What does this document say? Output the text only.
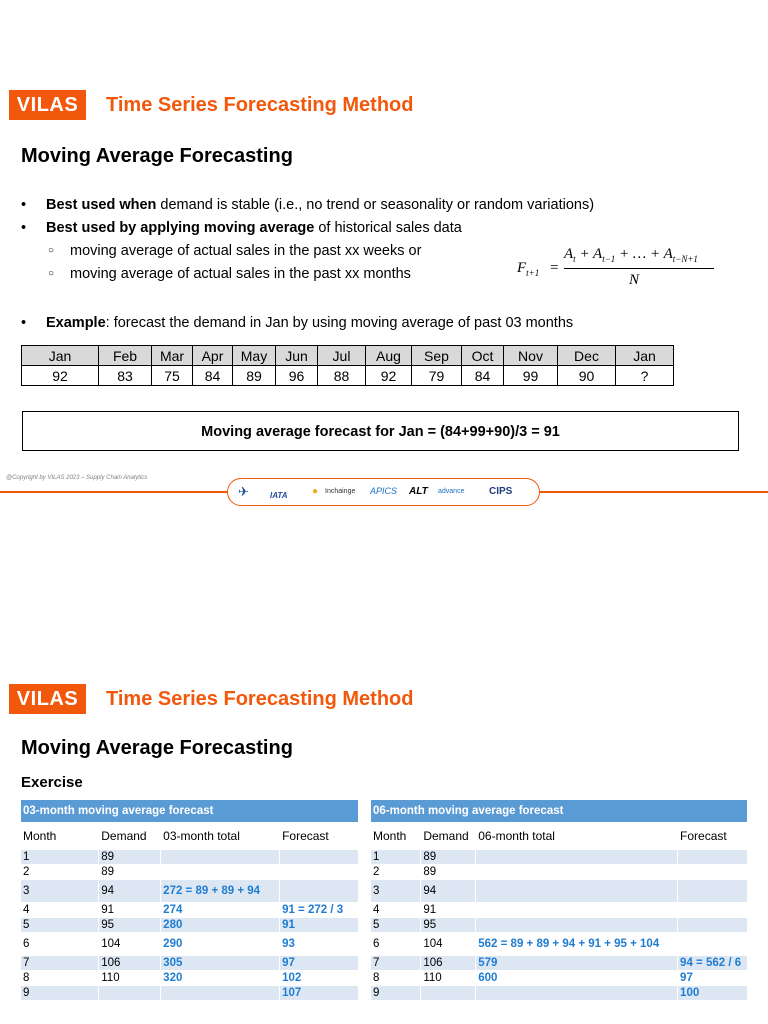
VILAS	Time Series Forecasting Method
Moving Average Forecasting
• Best used when demand is stable (i.e., no trend or seasonality or random variations)
• Best used by applying moving average of historical sales data
○ moving average of actual sales in the past xx weeks or
○ moving average of actual sales in the past xx months	$F_{t+1}$ =
$A_t + A_{t-1}$ + … + $A_{t-N+1}$
N
• Example: forecast the demand in Jan by using moving average of past 03 months
Jan	Feb	Mar	Apr	May	Jun	Jul	Aug	Sep	Oct	Nov	Dec	Jan
92	83	75	84	89	96	88	92	79	84	99	90	?
Moving average forecast for Jan = (84+99+90)/3 = 91
@Copyright by VILAS 2023 – Supply Chain Analytics
✈	IATA ● Inchainge APICS ALT advance CIPS
VILAS	Time Series Forecasting Method
Moving Average Forecasting
Exercise
03-month moving average forecast			
Month	Demand	03-month total	Forecast
1	89		
2	89		
3	94	272 = 89 + 89 + 94	
4	91	274	91 = 272 / 3
5	95	280	91
6	104	290	93
7	106	305	97
8	110	320	102
9			107
06-month moving average forecast			
Month	Demand	06-month total	Forecast
1	89		
2	89		
3	94		
4	91		
5	95		
6	104	562 = 89 + 89 + 94 + 91 + 95 + 104	
7	106	579	94 = 562 / 6
8	110	600	97
9			100
